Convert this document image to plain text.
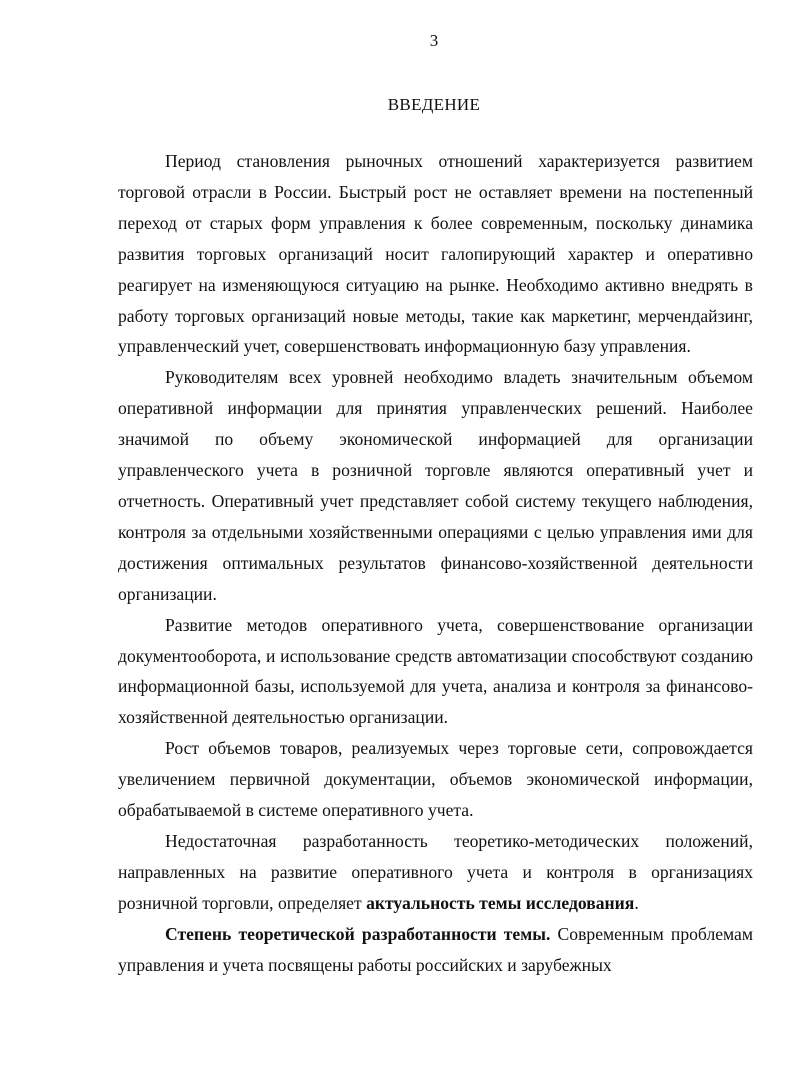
3
ВВЕДЕНИЕ

Период становления рыночных отношений характеризуется развитием торговой отрасли в России. Быстрый рост не оставляет времени на постепенный переход от старых форм управления к более современным, поскольку динамика развития торговых организаций носит галопирующий характер и оперативно реагирует на изменяющуюся ситуацию на рынке. Необходимо активно внедрять в работу торговых организаций новые методы, такие как маркетинг, мерчендайзинг, управленческий учет, совершенствовать информационную базу управления.

Руководителям всех уровней необходимо владеть значительным объемом оперативной информации для принятия управленческих решений. Наиболее значимой по объему экономической информацией для организации управленческого учета в розничной торговле являются оперативный учет и отчетность. Оперативный учет представляет собой систему текущего наблюдения, контроля за отдельными хозяйственными операциями с целью управления ими для достижения оптимальных результатов финансово-хозяйственной деятельности организации.

Развитие методов оперативного учета, совершенствование организации документооборота, и использование средств автоматизации способствуют созданию информационной базы, используемой для учета, анализа и контроля за финансово-хозяйственной деятельностью организации.

Рост объемов товаров, реализуемых через торговые сети, сопровождается увеличением первичной документации, объемов экономической информации, обрабатываемой в системе оперативного учета.

Недостаточная разработанность теоретико-методических положений, направленных на развитие оперативного учета и контроля в организациях розничной торговли, определяет актуальность темы исследования.

Степень теоретической разработанности темы. Современным проблемам управления и учета посвящены работы российских и зарубежных
